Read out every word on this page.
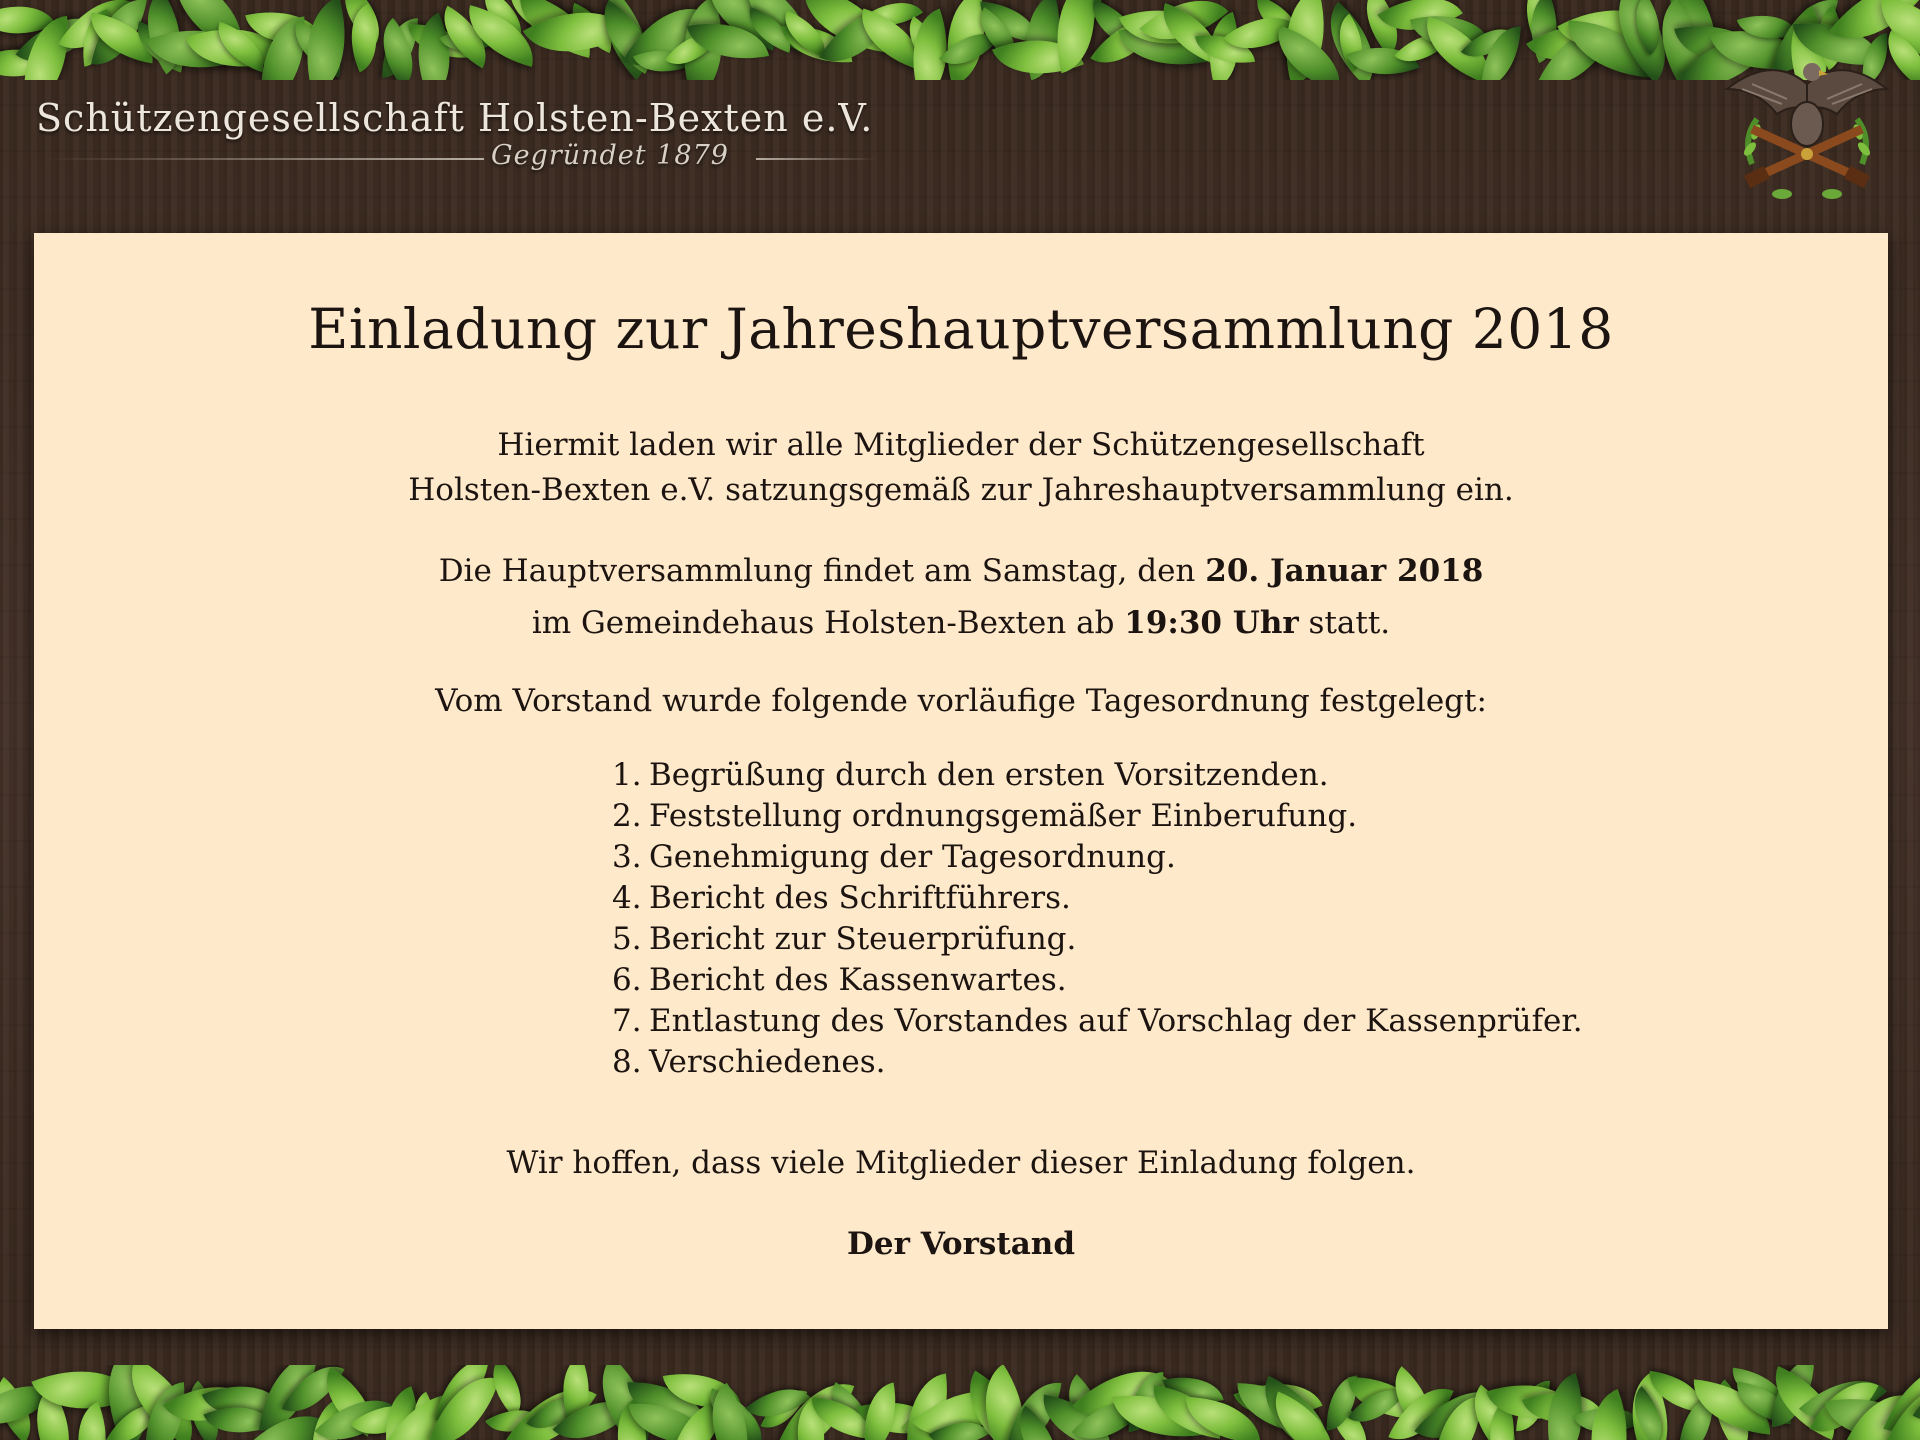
Schützengesellschaft Holsten-Bexten e.V.
Gegründet 1879
Einladung zur Jahreshauptversammlung 2018

Hiermit laden wir alle Mitglieder der Schützengesellschaft
Holsten-Bexten e.V. satzungsgemäß zur Jahreshauptversammlung ein.

Die Hauptversammlung findet am Samstag, den 20. Januar 2018
im Gemeindehaus Holsten-Bexten ab 19:30 Uhr statt.

Vom Vorstand wurde folgende vorläufige Tagesordnung festgelegt:

1. Begrüßung durch den ersten Vorsitzenden.
2. Feststellung ordnungsgemäßer Einberufung.
3. Genehmigung der Tagesordnung.
4. Bericht des Schriftführers.
5. Bericht zur Steuerprüfung.
6. Bericht des Kassenwartes.
7. Entlastung des Vorstandes auf Vorschlag der Kassenprüfer.
8. Verschiedenes.

Wir hoffen, dass viele Mitglieder dieser Einladung folgen.

Der Vorstand
